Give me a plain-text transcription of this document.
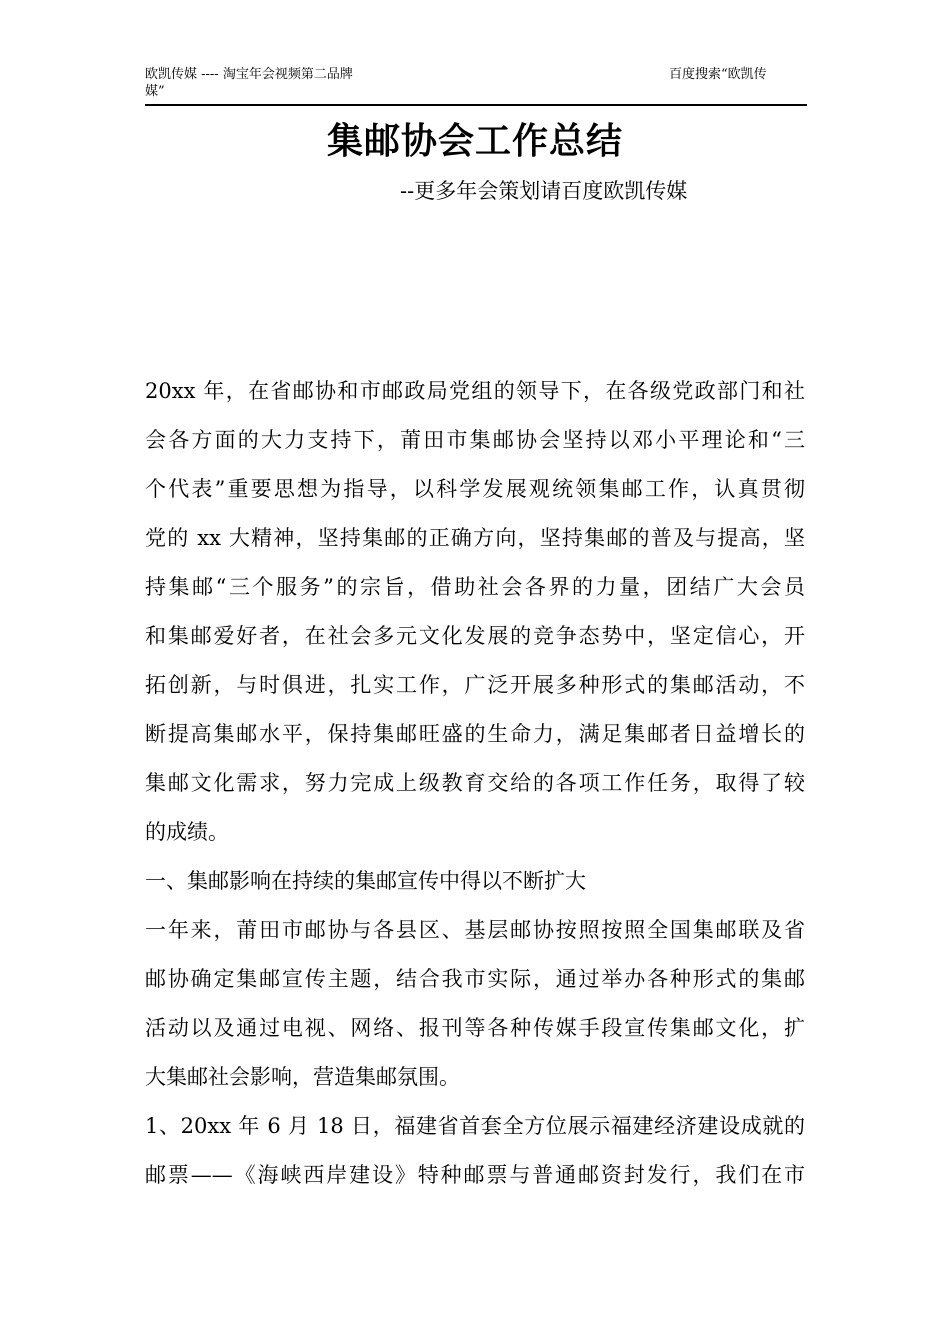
欧凯传媒 ---- 淘宝年会视频第二品牌
媒”
百度搜索“欧凯传
集邮协会工作总结
--更多年会策划请百度欧凯传媒
20xx 年，在省邮协和市邮政局党组的领导下，在各级党政部门和社
会各方面的大力支持下，莆田市集邮协会坚持以邓小平理论和“三
个代表”重要思想为指导，以科学发展观统领集邮工作，认真贯彻
党的 xx 大精神，坚持集邮的正确方向，坚持集邮的普及与提高，坚
持集邮“三个服务”的宗旨，借助社会各界的力量，团结广大会员
和集邮爱好者，在社会多元文化发展的竞争态势中，坚定信心，开
拓创新，与时俱进，扎实工作，广泛开展多种形式的集邮活动，不
断提高集邮水平，保持集邮旺盛的生命力，满足集邮者日益增长的
集邮文化需求，努力完成上级教育交给的各项工作任务，取得了较
的成绩。
一、集邮影响在持续的集邮宣传中得以不断扩大
一年来，莆田市邮协与各县区、基层邮协按照按照全国集邮联及省
邮协确定集邮宣传主题，结合我市实际，通过举办各种形式的集邮
活动以及通过电视、网络、报刊等各种传媒手段宣传集邮文化，扩
大集邮社会影响，营造集邮氛围。
1、20xx 年 6 月 18 日，福建省首套全方位展示福建经济建设成就的
邮票——《海峡西岸建设》特种邮票与普通邮资封发行，我们在市
